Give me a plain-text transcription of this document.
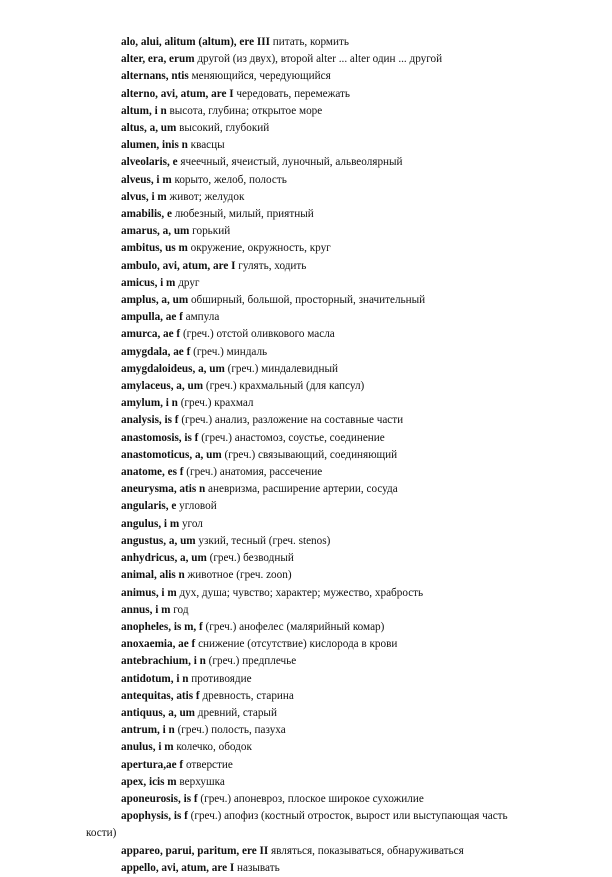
alo, alui, alitum (altum), ere III питать, кормить
alter, era, erum другой (из двух), второй alter ... alter один ... другой
alternans, ntis меняющийся, чередующийся
alterno, avi, atum, are I чередовать, перемежать
altum, i n высота, глубина; открытое море
altus, a, um высокий, глубокий
alumen, inis n квасцы
alveolaris, e ячеечный, ячеистый, луночный, альвеолярный
alveus, i m корыто, желоб, полость
alvus, i m живот; желудок
amabilis, e любезный, милый, приятный
amarus, a, um горький
ambitus, us m окружение, окружность, круг
ambulo, avi, atum, are I гулять, ходить
amicus, i m друг
amplus, a, um обширный, большой, просторный, значительный
ampulla, ae f ампула
amurca, ae f (греч.) отстой оливкового масла
amygdala, ae f (греч.) миндаль
amygdaloideus, a, um (греч.) миндалевидный
amylaceus, a, um (греч.) крахмальный (для капсул)
amylum, i n (греч.) крахмал
analysis, is f (греч.) анализ, разложение на составные части
anastomosis, is f (греч.) анастомоз, соустье, соединение
anastomoticus, a, um (греч.) связывающий, соединяющий
anatome, es f (греч.) анатомия, рассечение
aneurysma, atis n аневризма, расширение артерии, сосуда
angularis, e угловой
angulus, i m угол
angustus, a, um узкий, тесный (греч. stenos)
anhydricus, a, um (греч.) безводный
animal, alis n животное (греч. zoon)
animus, i m дух, душа; чувство; характер; мужество, храбрость
annus, i m год
anopheles, is m, f (греч.) анофелес (малярийный комар)
anoxaemia, ae f снижение (отсутствие) кислорода в крови
antebrachium, i n (греч.) предплечье
antidotum, i n противоядие
antequitas, atis f древность, старина
antiquus, a, um древний, старый
antrum, i n (греч.) полость, пазуха
anulus, i m колечко, ободок
apertura,ae f отверстие
apex, icis m верхушка
aponeurosis, is f (греч.) апоневроз, плоское широкое сухожилие
apophysis, is f (греч.) апофиз (костный отросток, вырост или выступающая часть
кости)
appareo, parui, paritum, ere II являться, показываться, обнаруживаться
appello, avi, atum, are I называть
